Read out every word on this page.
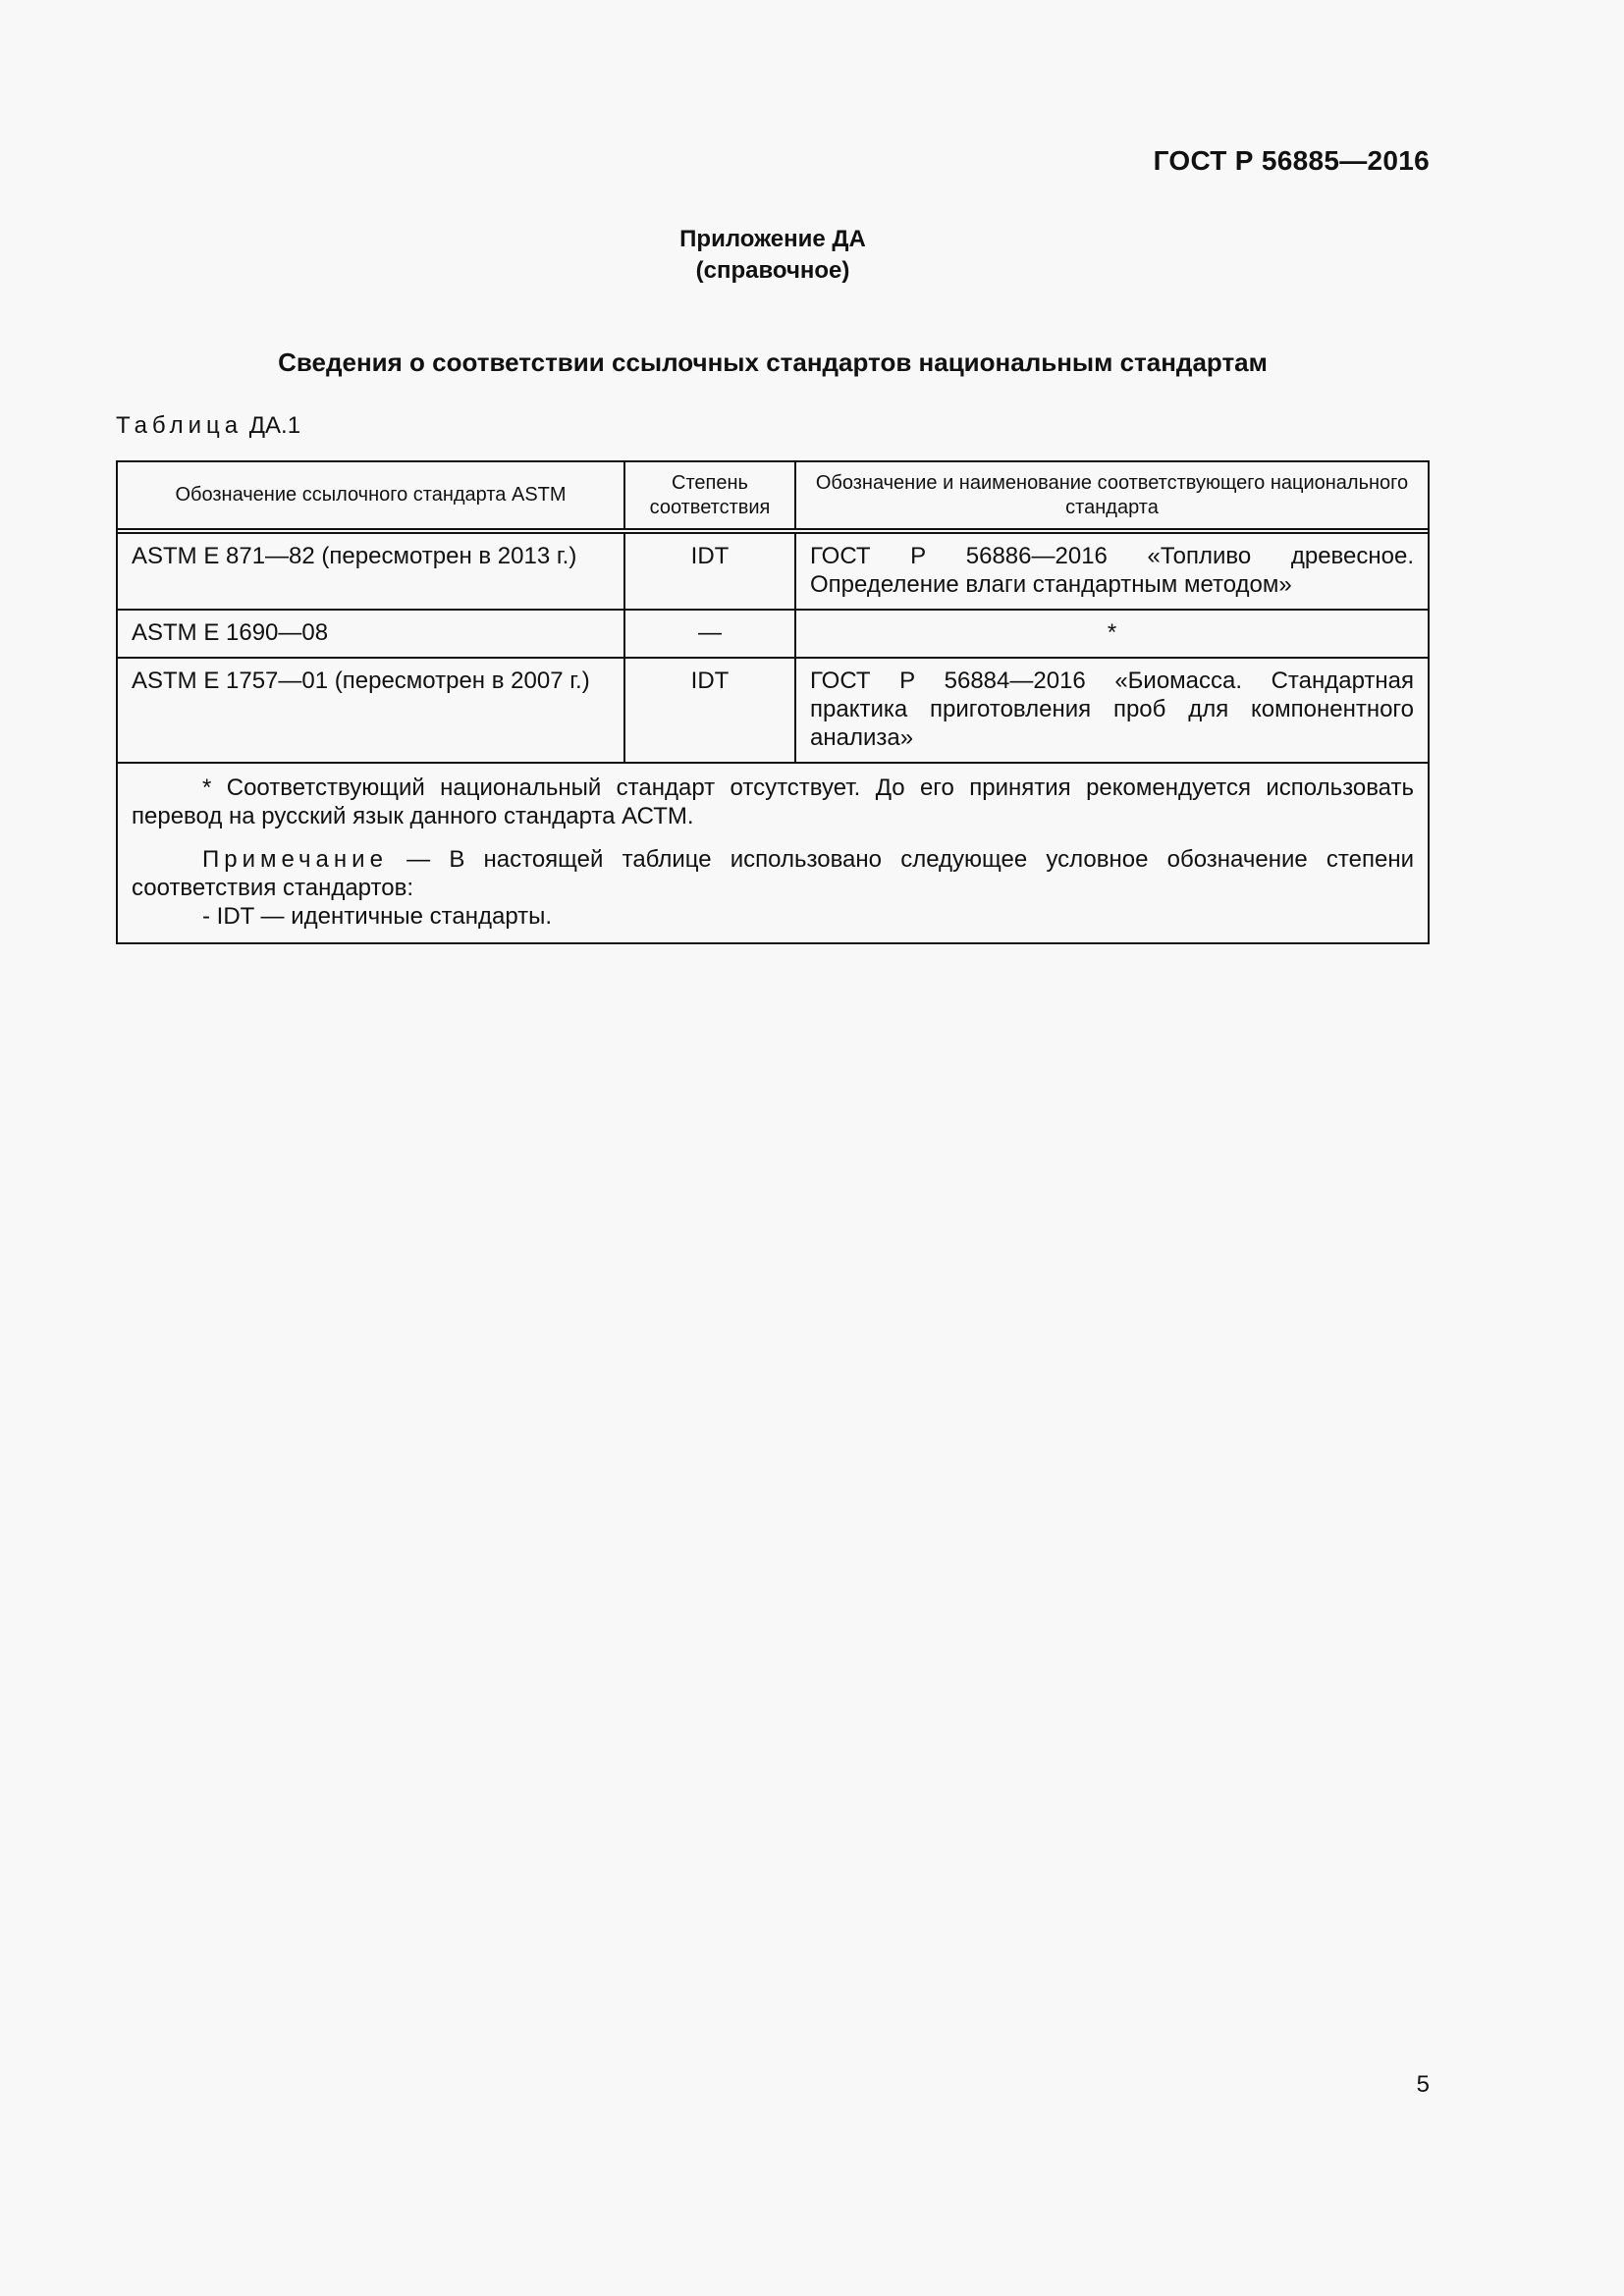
ГОСТ Р 56885—2016
Приложение ДА
(справочное)
Сведения о соответствии ссылочных стандартов национальным стандартам
Таблица ДА.1
Обозначение ссылочного стандарта ASTM	Степень соответствия	Обозначение и наименование соответствующего национального стандарта
ASTM E 871—82 (пересмотрен в 2013 г.)	IDT	ГОСТ Р 56886—2016 «Топливо древесное. Определение влаги стандартным методом»
ASTM E 1690—08	—	*
ASTM E 1757—01 (пересмотрен в 2007 г.)	IDT	ГОСТ Р 56884—2016 «Биомасса. Стандартная практика приготовления проб для компонентного анализа»

* Соответствующий национальный стандарт отсутствует. До его принятия рекомендуется использовать перевод на русский язык данного стандарта АСТМ.

Примечание — В настоящей таблице использовано следующее условное обозначение степени соответствия стандартов:

- IDT — идентичные стандарты.		

5
